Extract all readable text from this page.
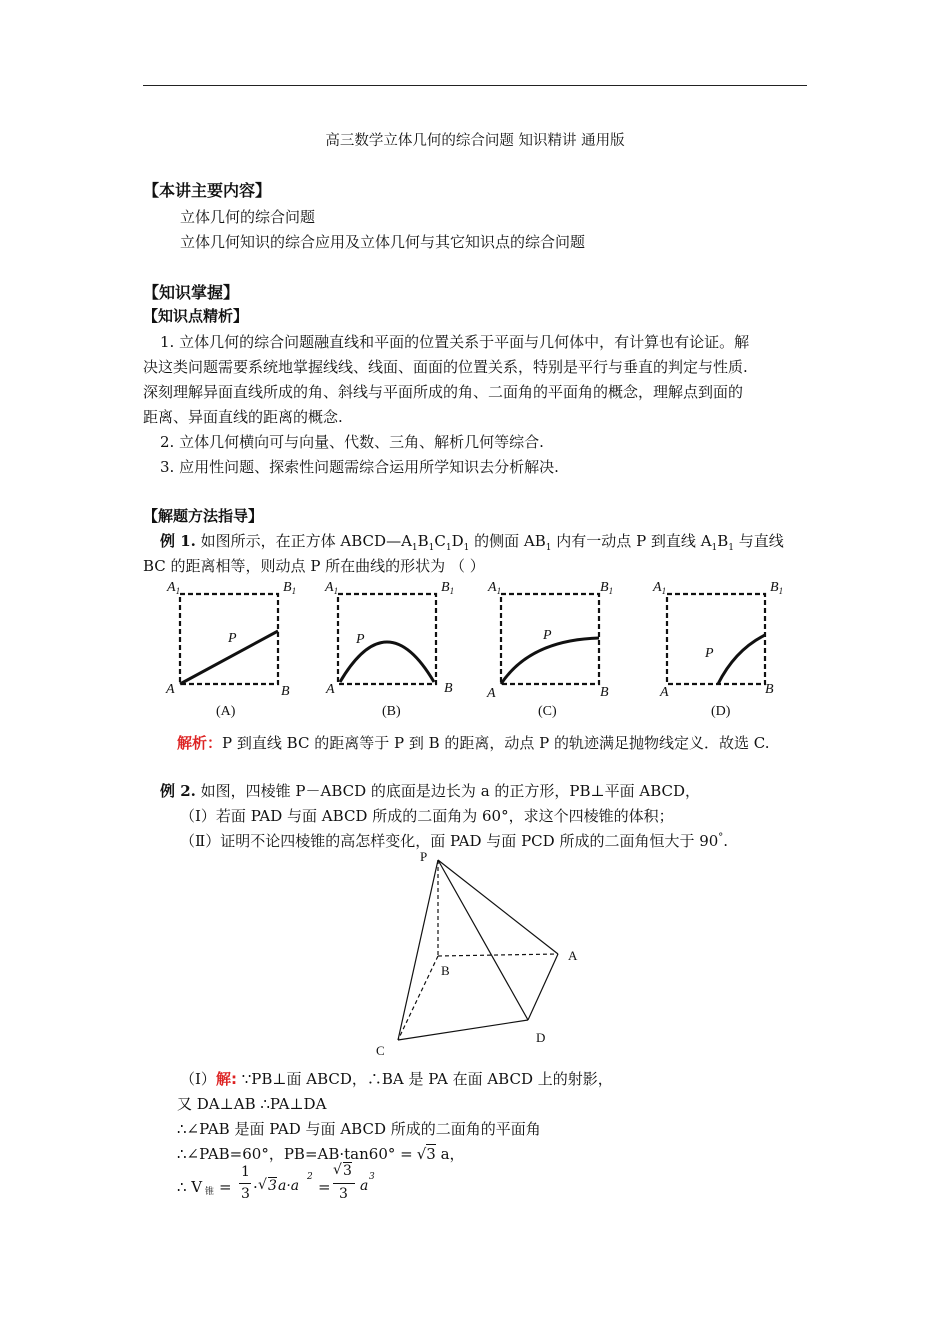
高三数学立体几何的综合问题 知识精讲 通用版
【本讲主要内容】
立体几何的综合问题
立体几何知识的综合应用及立体几何与其它知识点的综合问题
【知识掌握】
【知识点精析】
1. 立体几何的综合问题融直线和平面的位置关系于平面与几何体中，有计算也有论证。解
决这类问题需要系统地掌握线线、线面、面面的位置关系，特别是平行与垂直的判定与性质.
深刻理解异面直线所成的角、斜线与平面所成的角、二面角的平面角的概念，理解点到面的
距离、异面直线的距离的概念.
2. 立体几何横向可与向量、代数、三角、解析几何等综合.
3. 应用性问题、探索性问题需综合运用所学知识去分析解决.
【解题方法指导】
例 1. 如图所示，在正方体 $ABCD—A_1B_1C_1D_1$ 的侧面 $AB_1$ 内有一动点 P 到直线 $A_1B_1$ 与直线
BC 的距离相等，则动点 P 所在曲线的形状为 （ ）
$A_1$	$B_1$
A	B
P
(A)
$A_1$	$B_1$
A	B
P
(B)
$A_1$	$B_1$
A	B
P
(C)
$A_1$	$B_1$
A	B
P
(D)
解析：P 到直线 BC 的距离等于 P 到 B 的距离，动点 P 的轨迹满足抛物线定义．故选 C.
例 2. 如图，四棱锥 P－ABCD 的底面是边长为 a 的正方形，PB⊥平面 ABCD，
（Ⅰ）若面 PAD 与面 ABCD 所成的二面角为 60°，求这个四棱锥的体积；
（Ⅱ）证明不论四棱锥的高怎样变化，面 PAD 与面 PCD 所成的二面角恒大于 90°.
P
A
B
C
D
（Ⅰ）解: ∵PB⊥面 ABCD，∴BA 是 PA 在面 ABCD 上的射影，
又 DA⊥AB ∴PA⊥DA
∴∠PAB 是面 PAD 与面 ABCD 所成的二面角的平面角
∴∠PAB=60°，PB=AB·tan60° = √3 a，
∴ V 锥 =
1
3 · √ 3 a·a
2
=
√ 3
3 a
3
